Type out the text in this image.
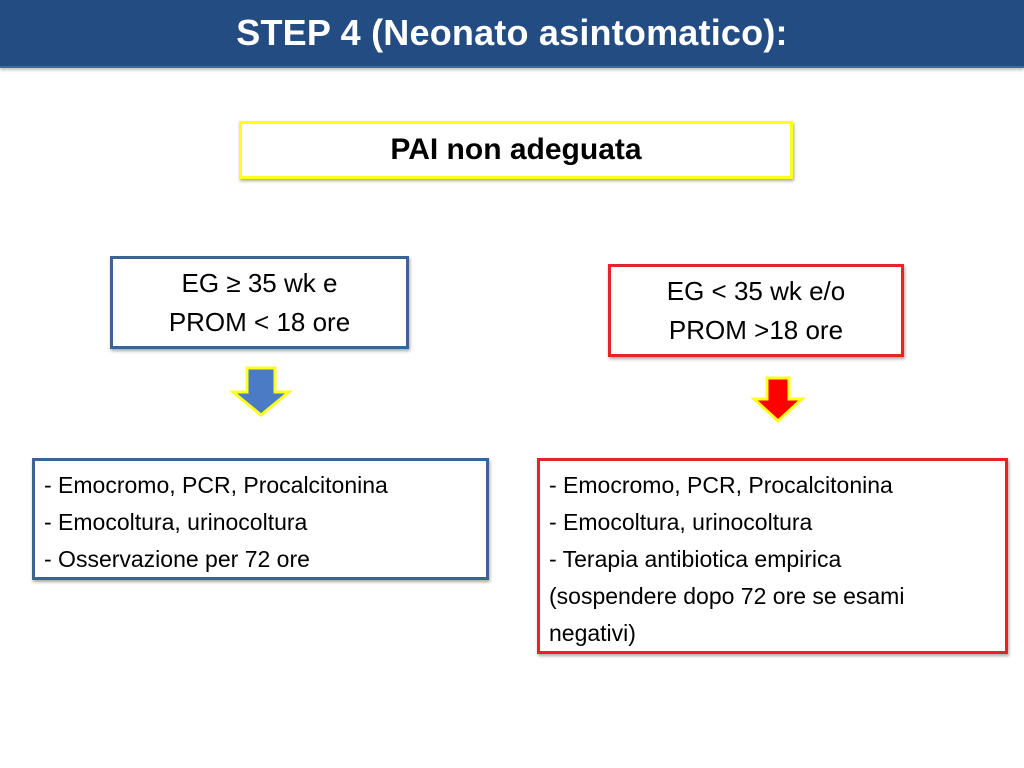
STEP 4 (Neonato asintomatico):
PAI non adeguata
EG ≥ 35 wk e
PROM < 18 ore
EG < 35 wk e/o
PROM >18 ore
- Emocromo, PCR, Procalcitonina
- Emocoltura, urinocoltura
- Osservazione per 72 ore
- Emocromo, PCR, Procalcitonina
- Emocoltura, urinocoltura
- Terapia antibiotica empirica
(sospendere dopo 72 ore se esami
negativi)
